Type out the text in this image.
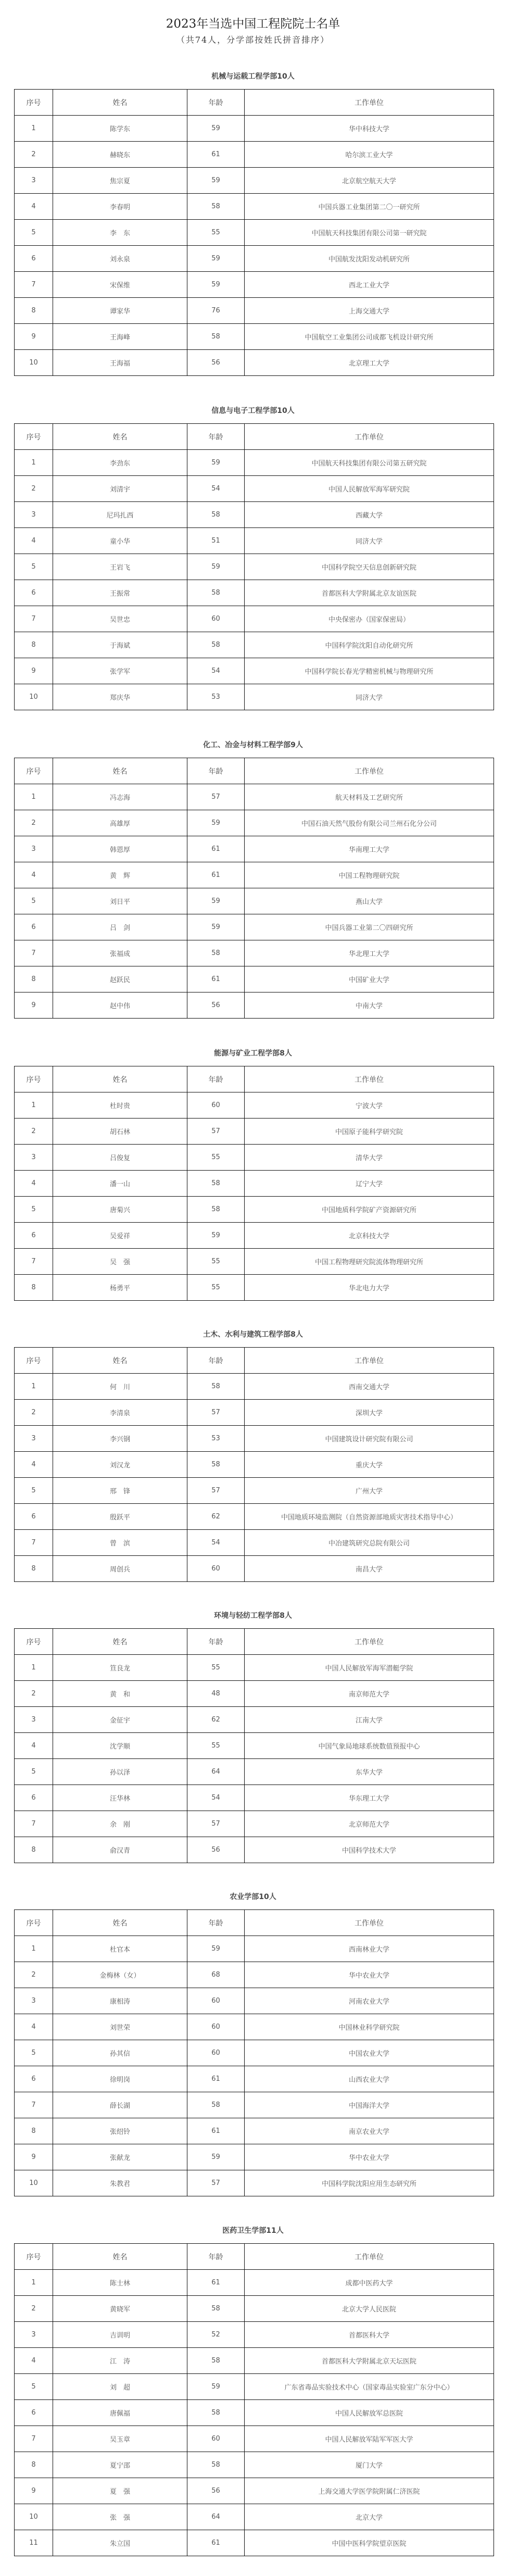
2023年当选中国工程院院士名单
（共74人，分学部按姓氏拼音排序）
机械与运载工程学部10人
序号	姓名	年龄	工作单位
1	陈学东	59	华中科技大学
2	赫晓东	61	哈尔滨工业大学
3	焦宗夏	59	北京航空航天大学
4	李春明	58	中国兵器工业集团第二〇一研究所
5	李　东	55	中国航天科技集团有限公司第一研究院
6	刘永泉	59	中国航发沈阳发动机研究所
7	宋保维	59	西北工业大学
8	谭家华	76	上海交通大学
9	王海峰	58	中国航空工业集团公司成都飞机设计研究所
10	王海福	56	北京理工大学
信息与电子工程学部10人
序号	姓名	年龄	工作单位
1	李劲东	59	中国航天科技集团有限公司第五研究院
2	刘清宇	54	中国人民解放军海军研究院
3	尼玛扎西	58	西藏大学
4	童小华	51	同济大学
5	王岩飞	59	中国科学院空天信息创新研究院
6	王振常	58	首都医科大学附属北京友谊医院
7	吴世忠	60	中央保密办（国家保密局）
8	于海斌	58	中国科学院沈阳自动化研究所
9	张学军	54	中国科学院长春光学精密机械与物理研究所
10	郑庆华	53	同济大学
化工、冶金与材料工程学部9人
序号	姓名	年龄	工作单位
1	冯志海	57	航天材料及工艺研究所
2	高雄厚	59	中国石油天然气股份有限公司兰州石化分公司
3	韩恩厚	61	华南理工大学
4	黄　辉	61	中国工程物理研究院
5	刘日平	59	燕山大学
6	吕　剑	59	中国兵器工业第二〇四研究所
7	张福成	58	华北理工大学
8	赵跃民	61	中国矿业大学
9	赵中伟	56	中南大学
能源与矿业工程学部8人
序号	姓名	年龄	工作单位
1	杜时贵	60	宁波大学
2	胡石林	57	中国原子能科学研究院
3	吕俊复	55	清华大学
4	潘一山	58	辽宁大学
5	唐菊兴	58	中国地质科学院矿产资源研究所
6	吴爱祥	59	北京科技大学
7	吴　强	55	中国工程物理研究院流体物理研究所
8	杨勇平	55	华北电力大学
土木、水利与建筑工程学部8人
序号	姓名	年龄	工作单位
1	何　川	58	西南交通大学
2	李清泉	57	深圳大学
3	李兴钢	53	中国建筑设计研究院有限公司
4	刘汉龙	58	重庆大学
5	邢　锋	57	广州大学
6	殷跃平	62	中国地质环境监测院（自然资源部地质灾害技术指导中心）
7	曾　滨	54	中冶建筑研究总院有限公司
8	周创兵	60	南昌大学
环境与轻纺工程学部8人
序号	姓名	年龄	工作单位
1	笪良龙	55	中国人民解放军海军潜艇学院
2	黄　和	48	南京师范大学
3	金征宇	62	江南大学
4	沈学顺	55	中国气象局地球系统数值预报中心
5	孙以泽	64	东华大学
6	汪华林	54	华东理工大学
7	余　刚	57	北京师范大学
8	俞汉青	56	中国科学技术大学
农业学部10人
序号	姓名	年龄	工作单位
1	杜官本	59	西南林业大学
2	金梅林（女）	68	华中农业大学
3	康相涛	60	河南农业大学
4	刘世荣	60	中国林业科学研究院
5	孙其信	60	中国农业大学
6	徐明岗	61	山西农业大学
7	薛长湖	58	中国海洋大学
8	张绍铃	61	南京农业大学
9	张献龙	59	华中农业大学
10	朱教君	57	中国科学院沈阳应用生态研究所
医药卫生学部11人
序号	姓名	年龄	工作单位
1	陈士林	61	成都中医药大学
2	黄晓军	58	北京大学人民医院
3	吉训明	52	首都医科大学
4	江　涛	58	首都医科大学附属北京天坛医院
5	刘　超	59	广东省毒品实验技术中心（国家毒品实验室广东分中心）
6	唐佩福	58	中国人民解放军总医院
7	吴玉章	60	中国人民解放军陆军军医大学
8	夏宁邵	58	厦门大学
9	夏　强	56	上海交通大学医学院附属仁济医院
10	张　强	64	北京大学
11	朱立国	61	中国中医科学院望京医院
